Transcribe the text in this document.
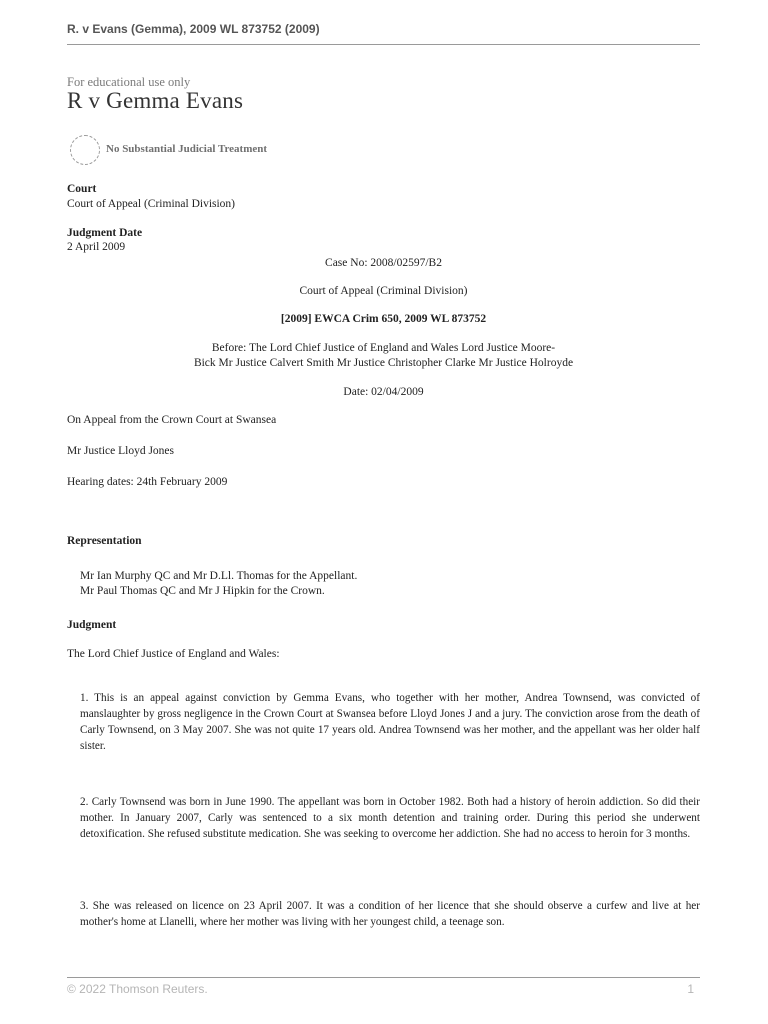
R. v Evans (Gemma), 2009 WL 873752 (2009)
For educational use only
R v Gemma Evans
No Substantial Judicial Treatment
Court
Court of Appeal (Criminal Division)
Judgment Date
2 April 2009
Case No: 2008/02597/B2
Court of Appeal (Criminal Division)
[2009] EWCA Crim 650, 2009 WL 873752
Before: The Lord Chief Justice of England and Wales Lord Justice Moore-
Bick Mr Justice Calvert Smith Mr Justice Christopher Clarke Mr Justice Holroyde
Date: 02/04/2009
On Appeal from the Crown Court at Swansea
Mr Justice Lloyd Jones
Hearing dates: 24th February 2009
Representation
Mr Ian Murphy QC and Mr D.Ll. Thomas for the Appellant.
Mr Paul Thomas QC and Mr J Hipkin for the Crown.
Judgment
The Lord Chief Justice of England and Wales:
1. This is an appeal against conviction by Gemma Evans, who together with her mother, Andrea Townsend, was convicted of manslaughter by gross negligence in the Crown Court at Swansea before Lloyd Jones J and a jury. The conviction arose from the death of Carly Townsend, on 3 May 2007. She was not quite 17 years old. Andrea Townsend was her mother, and the appellant was her older half sister.
2. Carly Townsend was born in June 1990. The appellant was born in October 1982. Both had a history of heroin addiction. So did their mother. In January 2007, Carly was sentenced to a six month detention and training order. During this period she underwent detoxification. She refused substitute medication. She was seeking to overcome her addiction. She had no access to heroin for 3 months.
3. She was released on licence on 23 April 2007. It was a condition of her licence that she should observe a curfew and live at her mother's home at Llanelli, where her mother was living with her youngest child, a teenage son.
© 2022 Thomson Reuters.	1
